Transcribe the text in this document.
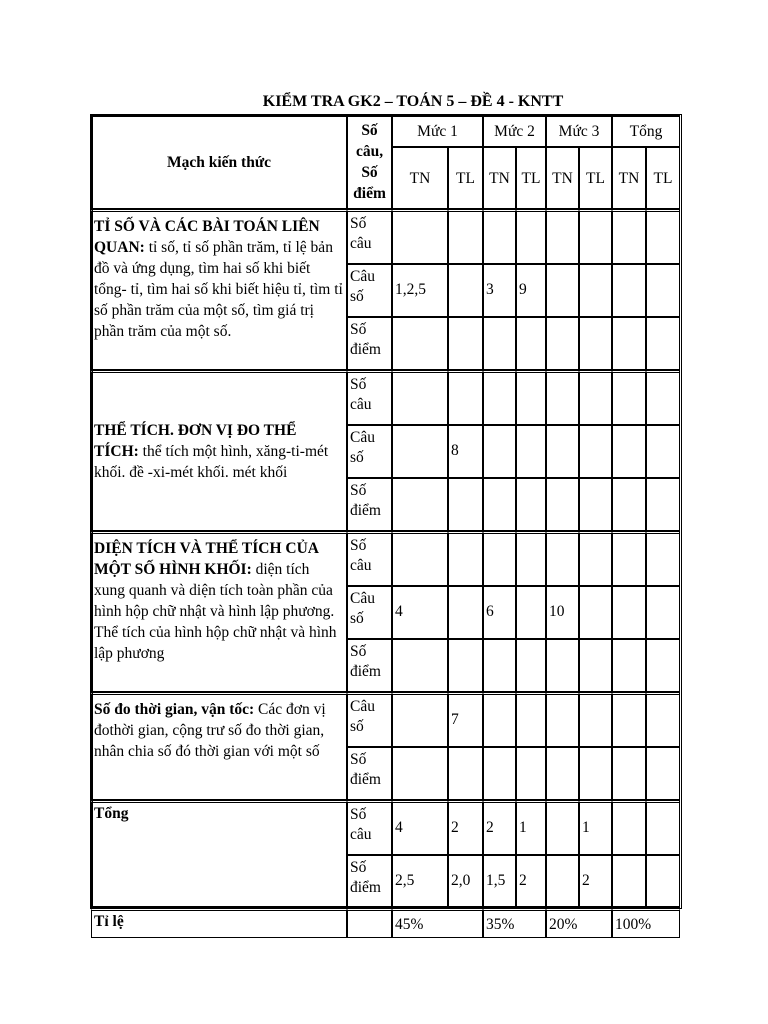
KIỂM TRA GK2 – TOÁN 5 – ĐỀ 4 - KNTT
Mạch kiến thức	Số
câu,
Số
điểm	Mức 1		Mức 2		Mức 3		Tổng	
		TN	TL	TN	TL	TN	TL	TN	TL
TỈ SỐ VÀ CÁC BÀI TOÁN LIÊN QUAN: tỉ số, tỉ số phần trăm, tỉ lệ bản đồ và ứng dụng, tìm hai số khi biết tổng- tỉ, tìm hai số khi biết hiệu tỉ, tìm tỉ số phần trăm của một số, tìm giá trị phần trăm của một số.	Số
câu								

	Câu
số	1,2,5		3	9				

	Số
điểm								

THỂ TÍCH. ĐƠN VỊ ĐO THỂ TÍCH: thể tích một hình, xăng-ti-mét khối. đề -xi-mét khối. mét khối	Số
câu								

	Câu
số		8						

	Số
điểm								

DIỆN TÍCH VÀ THỂ TÍCH CỦA MỘT SỐ HÌNH KHỐI: diện tích xung quanh và diện tích toàn phần của hình hộp chữ nhật và hình lập phương. Thể tích của hình hộp chữ nhật và hình lập phương	Số
câu								

	Câu
số	4		6		10			

	Số
điểm								

Số đo thời gian, vận tốc: Các đơn vị đothời gian, cộng trư số đo thời gian, nhân chia số đó thời gian với một số	Câu
số		7						

	Số
điểm								

Tổng	Số
câu	4	2	2	1		1		

	Số
điểm	2,5	2,0	1,5	2		2		

Tỉ lệ		45%		35%		20%		100%	
